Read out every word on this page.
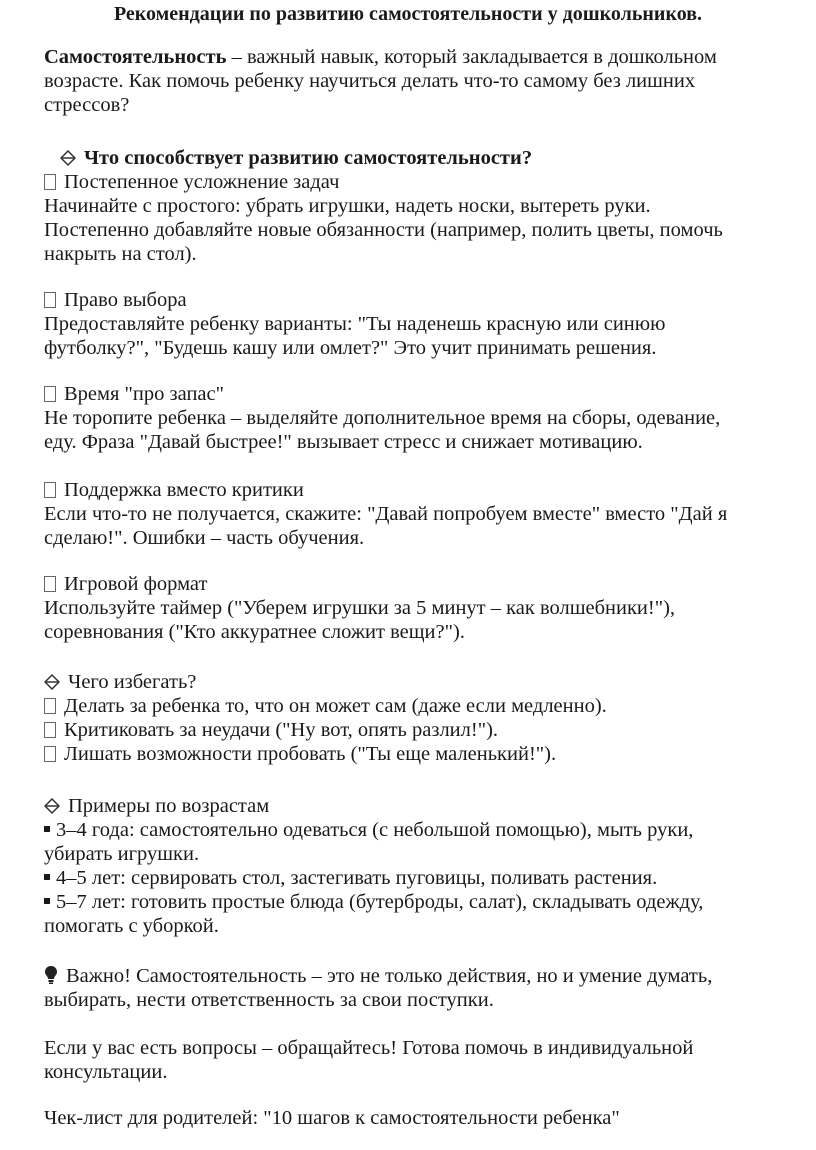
Рекомендации по развитию самостоятельности у дошкольников.
Самостоятельность – важный навык, который закладывается в дошкольном
возрасте. Как помочь ребенку научиться делать что-то самому без лишних
стрессов?
Что способствует развитию самостоятельности?
Постепенное усложнение задач
Начинайте с простого: убрать игрушки, надеть носки, вытереть руки.
Постепенно добавляйте новые обязанности (например, полить цветы, помочь
накрыть на стол).
Право выбора
Предоставляйте ребенку варианты: "Ты наденешь красную или синюю
футболку?", "Будешь кашу или омлет?" Это учит принимать решения.
Время "про запас"
Не торопите ребенка – выделяйте дополнительное время на сборы, одевание,
еду. Фраза "Давай быстрее!" вызывает стресс и снижает мотивацию.
Поддержка вместо критики
Если что-то не получается, скажите: "Давай попробуем вместе" вместо "Дай я
сделаю!". Ошибки – часть обучения.
Игровой формат
Используйте таймер ("Уберем игрушки за 5 минут – как волшебники!"),
соревнования ("Кто аккуратнее сложит вещи?").
Чего избегать?
Делать за ребенка то, что он может сам (даже если медленно).
Критиковать за неудачи ("Ну вот, опять разлил!").
Лишать возможности пробовать ("Ты еще маленький!").
Примеры по возрастам
3–4 года: самостоятельно одеваться (с небольшой помощью), мыть руки,
убирать игрушки.
4–5 лет: сервировать стол, застегивать пуговицы, поливать растения.
5–7 лет: готовить простые блюда (бутерброды, салат), складывать одежду,
помогать с уборкой.
Важно! Самостоятельность – это не только действия, но и умение думать,
выбирать, нести ответственность за свои поступки.
Если у вас есть вопросы – обращайтесь! Готова помочь в индивидуальной
консультации.
Чек-лист для родителей: "10 шагов к самостоятельности ребенка"
